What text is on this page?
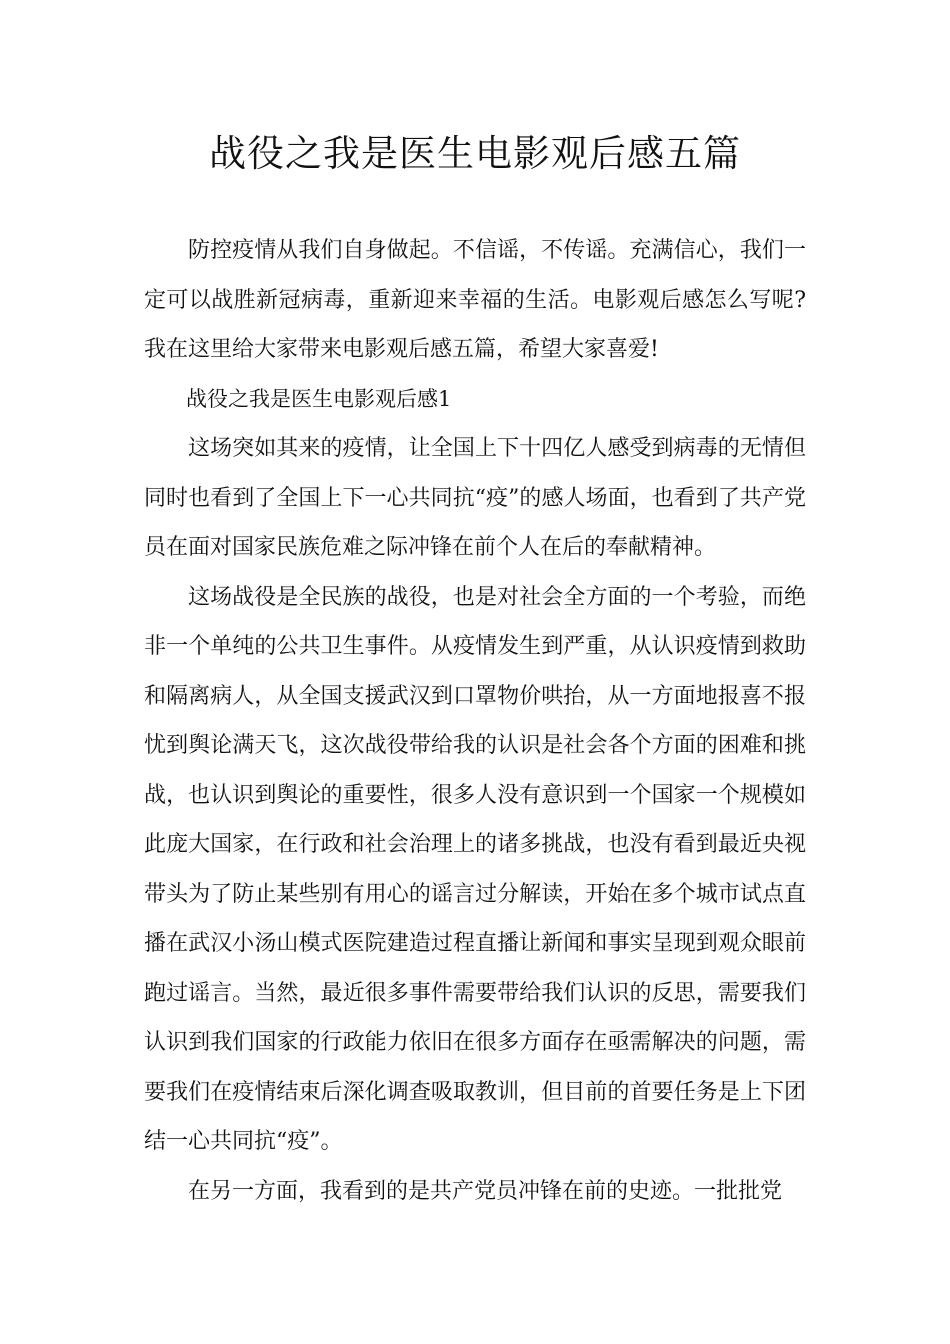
战役之我是医生电影观后感五篇

防控疫情从我们自身做起。不信谣，不传谣。充满信心，我们一定可以战胜新冠病毒，重新迎来幸福的生活。电影观后感怎么写呢?我在这里给大家带来电影观后感五篇，希望大家喜爱!

战役之我是医生电影观后感1

这场突如其来的疫情，让全国上下十四亿人感受到病毒的无情但同时也看到了全国上下一心共同抗“疫”的感人场面，也看到了共产党员在面对国家民族危难之际冲锋在前个人在后的奉献精神。

这场战役是全民族的战役，也是对社会全方面的一个考验，而绝非一个单纯的公共卫生事件。从疫情发生到严重，从认识疫情到救助和隔离病人，从全国支援武汉到口罩物价哄抬，从一方面地报喜不报忧到舆论满天飞，这次战役带给我的认识是社会各个方面的困难和挑战，也认识到舆论的重要性，很多人没有意识到一个国家一个规模如此庞大国家，在行政和社会治理上的诸多挑战，也没有看到最近央视带头为了防止某些别有用心的谣言过分解读，开始在多个城市试点直播在武汉小汤山模式医院建造过程直播让新闻和事实呈现到观众眼前跑过谣言。当然，最近很多事件需要带给我们认识的反思，需要我们认识到我们国家的行政能力依旧在很多方面存在亟需解决的问题，需要我们在疫情结束后深化调查吸取教训，但目前的首要任务是上下团结一心共同抗“疫”。

在另一方面，我看到的是共产党员冲锋在前的史迹。一批批党
